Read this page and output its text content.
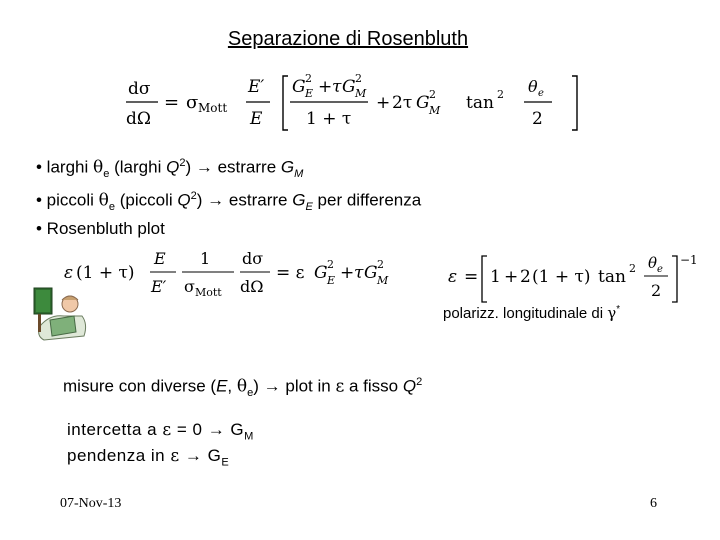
Separazione di Rosenbluth
dσ
dΩ
= σ Mott
E′
E
G 2
E + τ G 2
M
1 + τ
+ 2τ G 2
M tan 2 θ e
2
• larghi $\theta_e$ (larghi $Q^2$) → estrarre $G_M$
• piccoli $\theta_e$ (piccoli $Q^2$) → estrarre $G_E$ per differenza
• Rosenbluth plot
ε (1 + τ)
E
E′
1
σ Mott
dσ
dΩ
= ε G 2
E + τ G 2
M	ε = 1 + 2 (1 + τ) tan 2 θ e
2
−1
polarizz. longitudinale di γ*
misure con diverse (E, $\theta_e$) → plot in ε a fisso $Q^2$
intercetta a $\varepsilon = 0 \to G_M$
pendenza in $\varepsilon \to G_E$
07-Nov-13	6
